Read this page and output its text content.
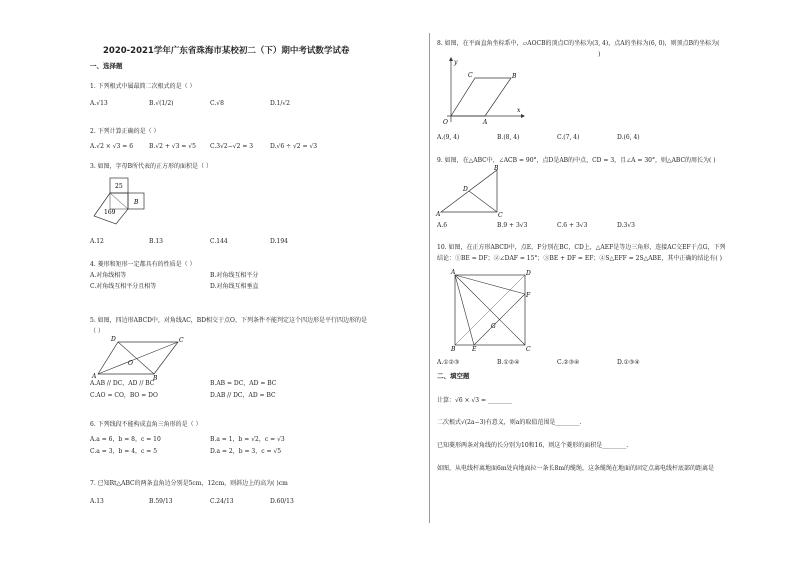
2020-2021学年广东省珠海市某校初二（下）期中考试数学试卷
一、选择题
1. 下列根式中属最简二次根式的是（ ）
A.√13	B.√(1/2)	C.√8	D.1/√2
2. 下列计算正确的是（ ）
A.√2 × √3 = 6	B.√2 + √3 = √5 C.3√2−√2 = 3	D.√6 ÷ √2 = √3
3. 如图，字母B所代表的正方形的面积是（ ）
25
169
B
A.12	B.13	C.144	D.194
4. 菱形和矩形一定都具有的性质是（ ）
A.对角线相等	B.对角线互相平分
C.对角线互相平分且相等	D.对角线互相垂直
5. 如图，四边形ABCD中，对角线AC，BD相交于点O，下列条件不能判定这个四边形是平行四边形的是
（ ）
D	C
O
A	B
A.AB // DC，AD // BC	B.AB = DC，AD = BC
C.AO = CO，BO = DO	D.AB // DC，AD = BC
6. 下列线段不能构成直角三角形的是（ ）
A.a = 6，b = 8，c = 10	B.a = 1，b = √2，c = √3
C.a = 3，b = 4，c = 5	D.a = 2，b = 3，c = √5
7. 已知Rt△ABC的两条直角边分别是5cm，12cm，则斜边上的高为( )cm
A.13	B.59/13	C.24/13	D.60/13
8. 如图，在平面直角坐标系中，▱AOCB的顶点C的坐标为(3, 4)，点A的坐标为(6, 0)，则顶点B的坐标为(
)
y
C	B
O	A
x
A.(9, 4)	B.(8, 4)	C.(7, 4)	D.(6, 4)
9. 如图，在△ABC中，∠ACB = 90°，点D是AB的中点，CD = 3，且∠A = 30°，则△ABC的周长为( )
B
D
A	C
A.6	B.9 + 3√3	C.6 + 3√3	D.3√3
10. 如图，在正方形ABCD中，点E，F分别在BC，CD上，△AEF是等边三角形，连接AC交EF于点G，下列
结论：①BE = DF；②∠DAF = 15°；③BE + DF = EF；④S△EFF = 2S△ABE，其中正确的结论有( )
A	D
F
G
B	E	C
A.①②③	B.①②④	C.②③④	D.①③④
二、填空题
计算：√6 × √3 = ________
二次根式√(2a−3)有意义，则a的取值范围是________.
已知菱形两条对角线的长分别为10和16，则这个菱形的面积是________.
如图，从电线杆离地面6m处向地面拉一条长8m的缆绳，这条缆绳在地面的固定点离电线杆底部的距离是
